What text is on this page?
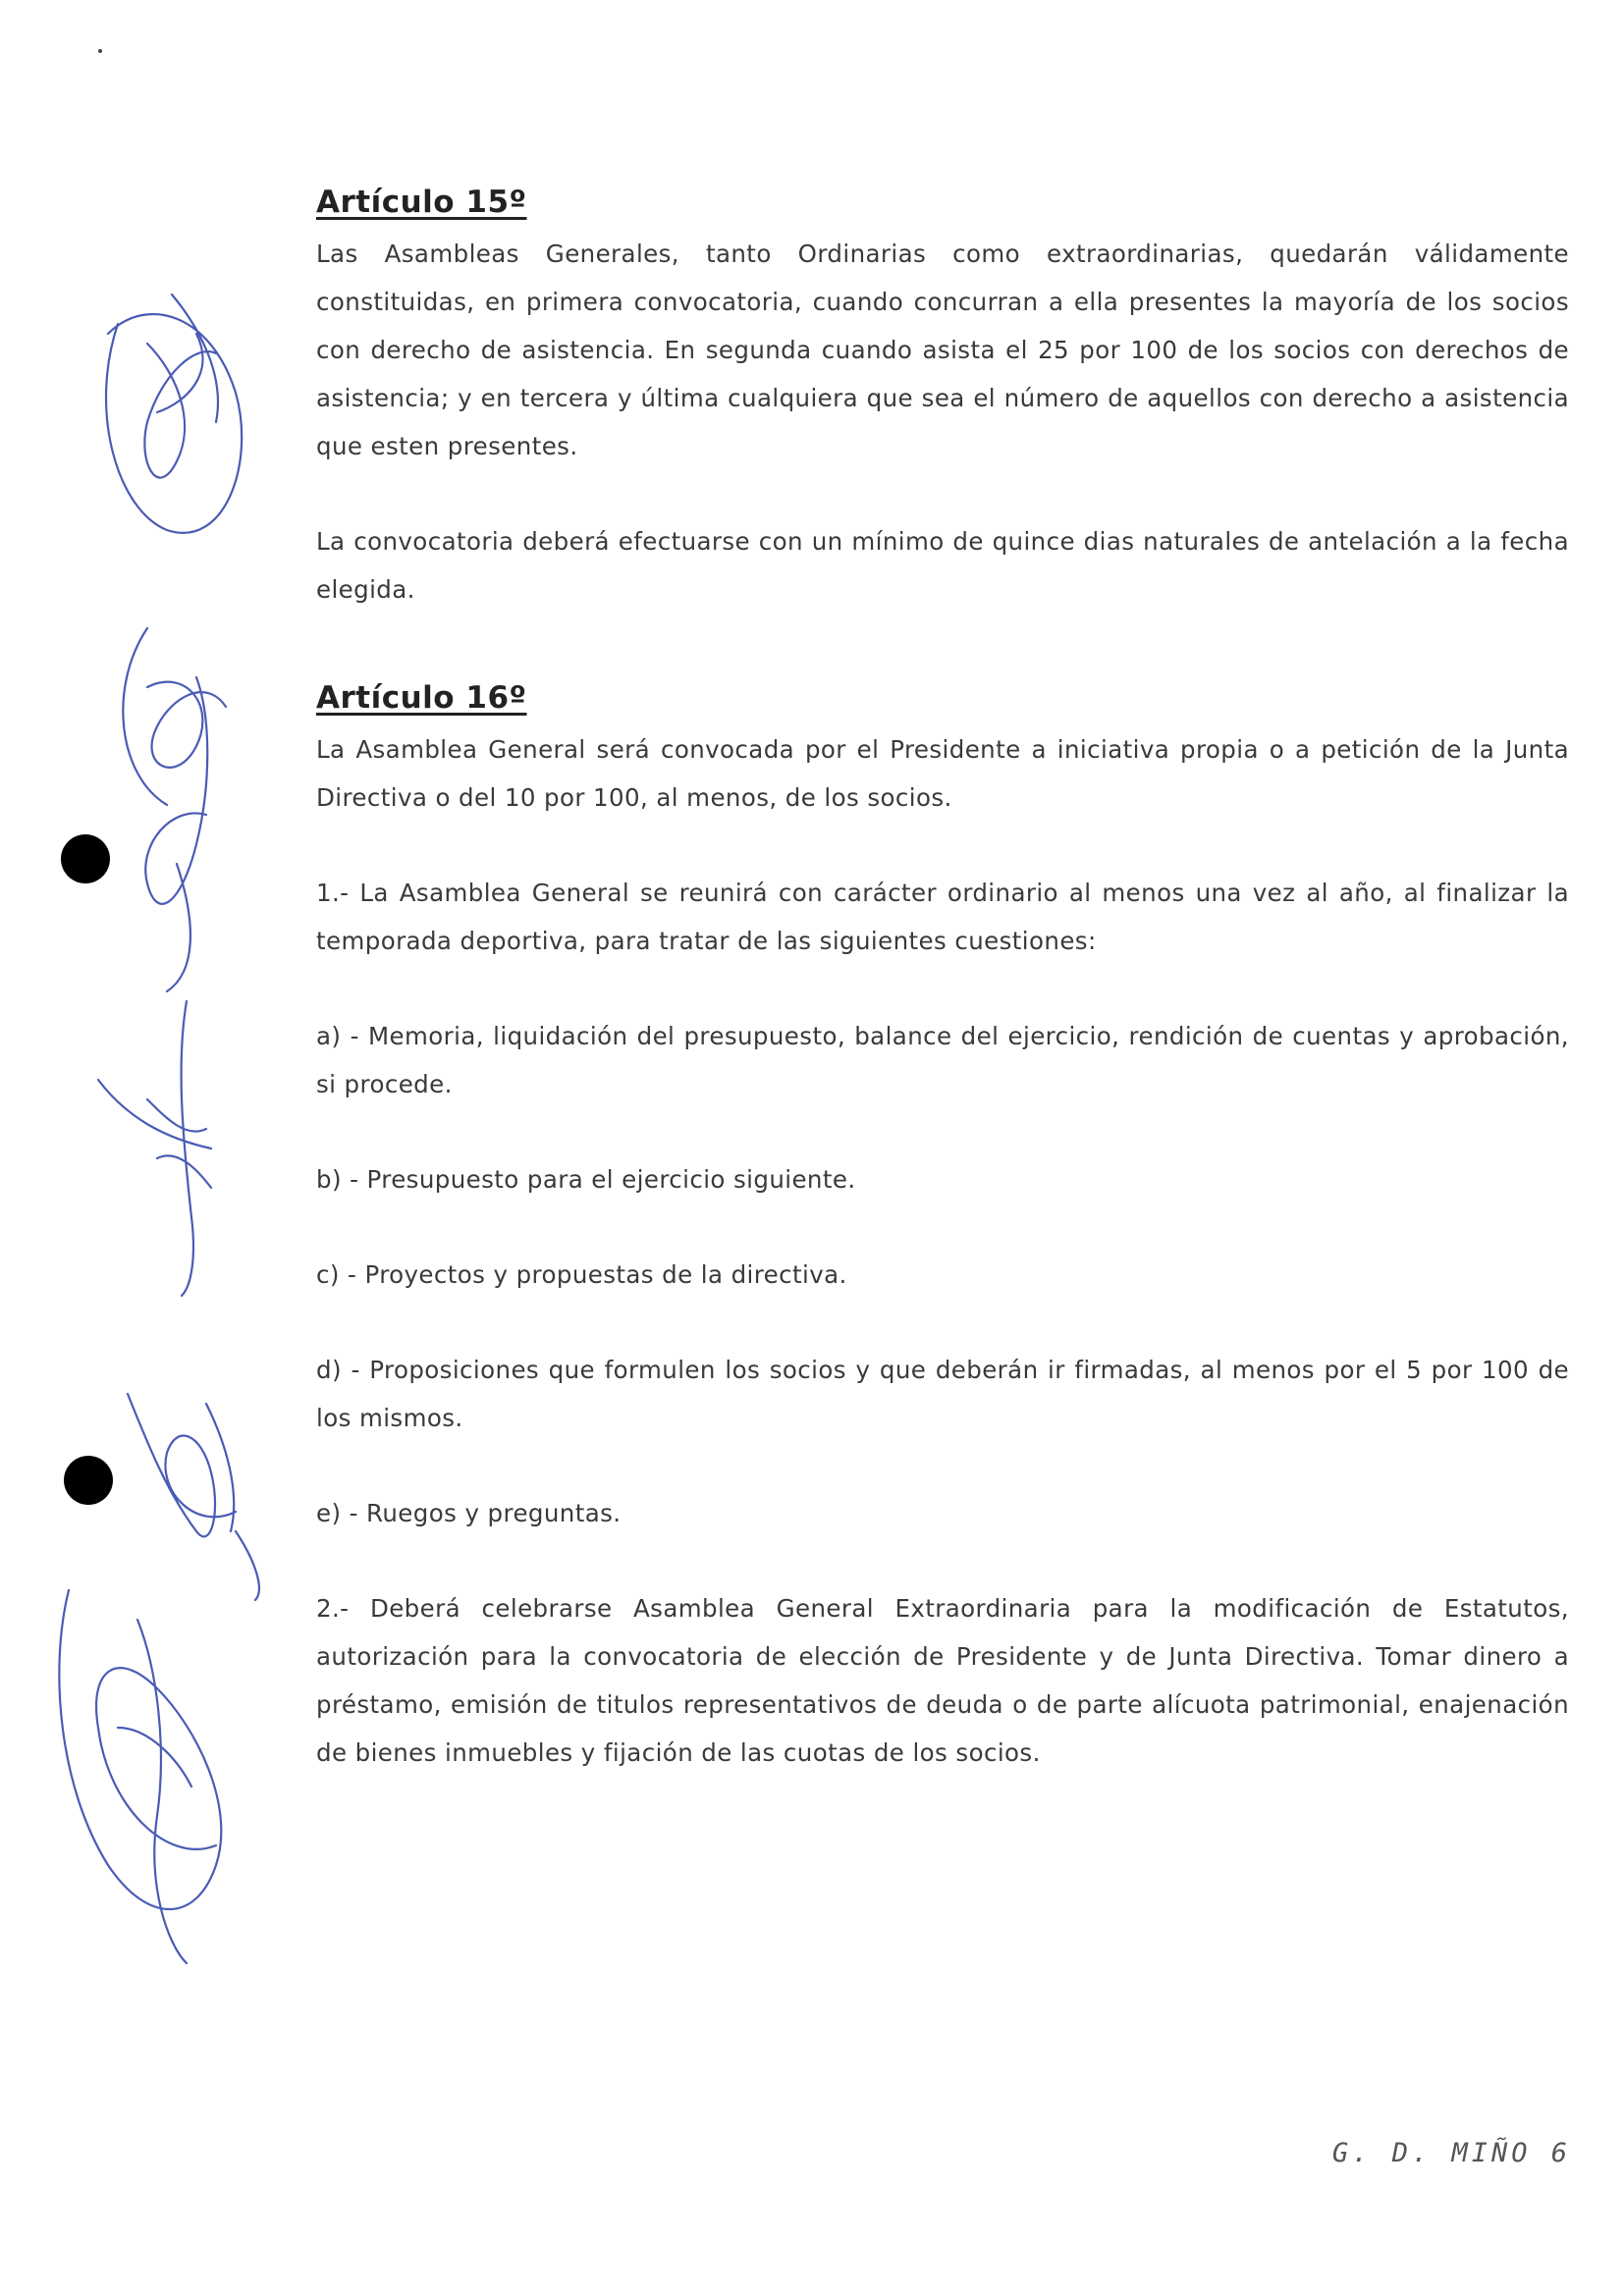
Artículo 15º

Las Asambleas Generales, tanto Ordinarias como extraordinarias, quedarán válidamente constituidas, en primera convocatoria, cuando concurran a ella presentes la mayoría de los socios con derecho de asistencia. En segunda cuando asista el 25 por 100 de los socios con derechos de asistencia; y en tercera y última cualquiera que sea el número de aquellos con derecho a asistencia que esten presentes.

La convocatoria deberá efectuarse con un mínimo de quince dias naturales de antelación a la fecha elegida.

Artículo 16º

La Asamblea General será convocada por el Presidente a iniciativa propia o a petición de la Junta Directiva o del 10 por 100, al menos, de los socios.

1.- La Asamblea General se reunirá con carácter ordinario al menos una vez al año, al finalizar la temporada deportiva, para tratar de las siguientes cuestiones:

a) - Memoria, liquidación del presupuesto, balance del ejercicio, rendición de cuentas y aprobación, si procede.

b) - Presupuesto para el ejercicio siguiente.

c) - Proyectos y propuestas de la directiva.

d) - Proposiciones que formulen los socios y que deberán ir firmadas, al menos por el 5 por 100 de los mismos.

e) - Ruegos y preguntas.

2.- Deberá celebrarse Asamblea General Extraordinaria para la modificación de Estatutos, autorización para la convocatoria de elección de Presidente y de Junta Directiva. Tomar dinero a préstamo, emisión de titulos representativos de deuda o de parte alícuota patrimonial, enajenación de bienes inmuebles y fijación de las cuotas de los socios.

G. D. MIÑO 6
